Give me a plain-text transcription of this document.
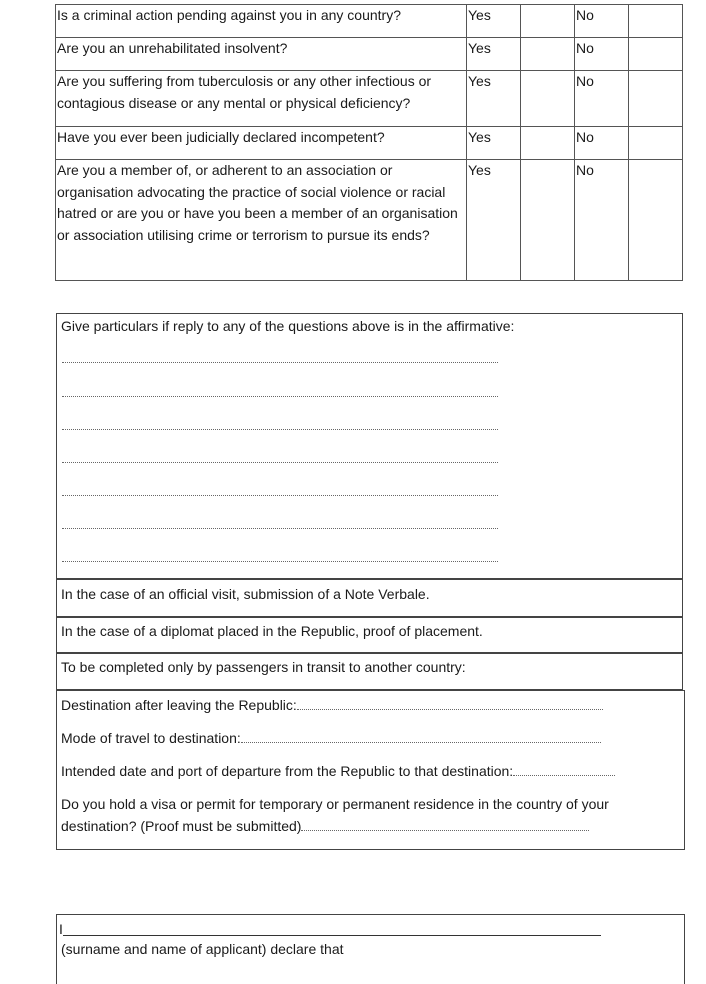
Is a criminal action pending against you in any country?	Yes		No	
Are you an unrehabilitated insolvent?	Yes		No	
Are you suffering from tuberculosis or any other infectious or contagious disease or any mental or physical deficiency?	Yes		No	
Have you ever been judicially declared incompetent?	Yes		No	
Are you a member of, or adherent to an association or organisation advocating the practice of social violence or racial hatred or are you or have you been a member of an organisation or association utilising crime or terrorism to pursue its ends?	Yes		No	
Give particulars if reply to any of the questions above is in the affirmative:
In the case of an official visit, submission of a Note Verbale.
In the case of a diplomat placed in the Republic, proof of placement.
To be completed only by passengers in transit to another country:
Destination after leaving the Republic:
Mode of travel to destination:
Intended date and port of departure from the Republic to that destination:
Do you hold a visa or permit for temporary or permanent residence in the country of your
destination? (Proof must be submitted)
I
(surname and name of applicant) declare that
